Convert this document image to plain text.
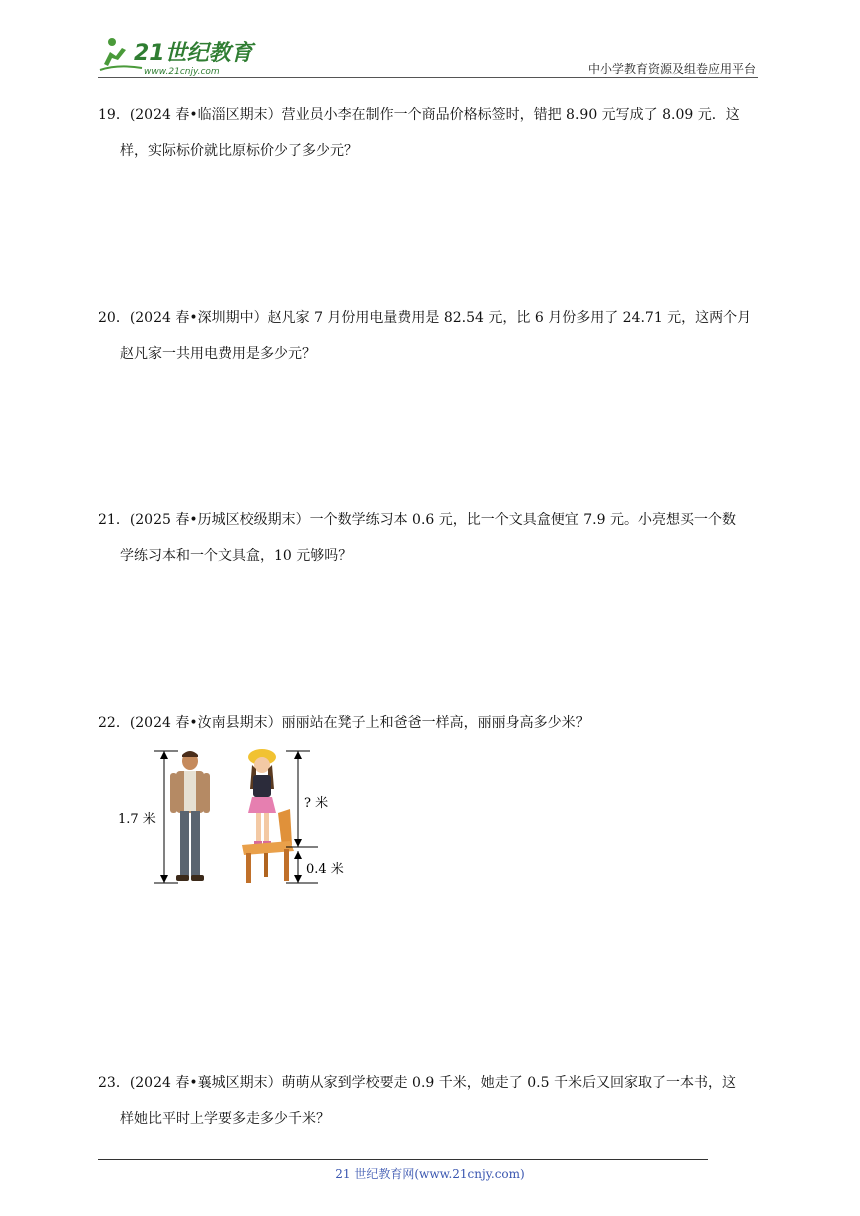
21世纪教育
www.21cnjy.com	中小学教育资源及组卷应用平台

19．(2024 春•临淄区期末）营业员小李在制作一个商品价格标签时，错把 8.90 元写成了 8.09 元．这

样，实际标价就比原标价少了多少元？

20．(2024 春•深圳期中）赵凡家 7 月份用电量费用是 82.54 元，比 6 月份多用了 24.71 元，这两个月

赵凡家一共用电费用是多少元？

21．(2025 春•历城区校级期末）一个数学练习本 0.6 元，比一个文具盒便宜 7.9 元。小亮想买一个数

学练习本和一个文具盒，10 元够吗？

22．(2024 春•汝南县期末）丽丽站在凳子上和爸爸一样高，丽丽身高多少米？

1.7 米
? 米
0.4 米

23．(2024 春•襄城区期末）萌萌从家到学校要走 0.9 千米，她走了 0.5 千米后又回家取了一本书，这

样她比平时上学要多走多少千米？

21 世纪教育网(www.21cnjy.com)
